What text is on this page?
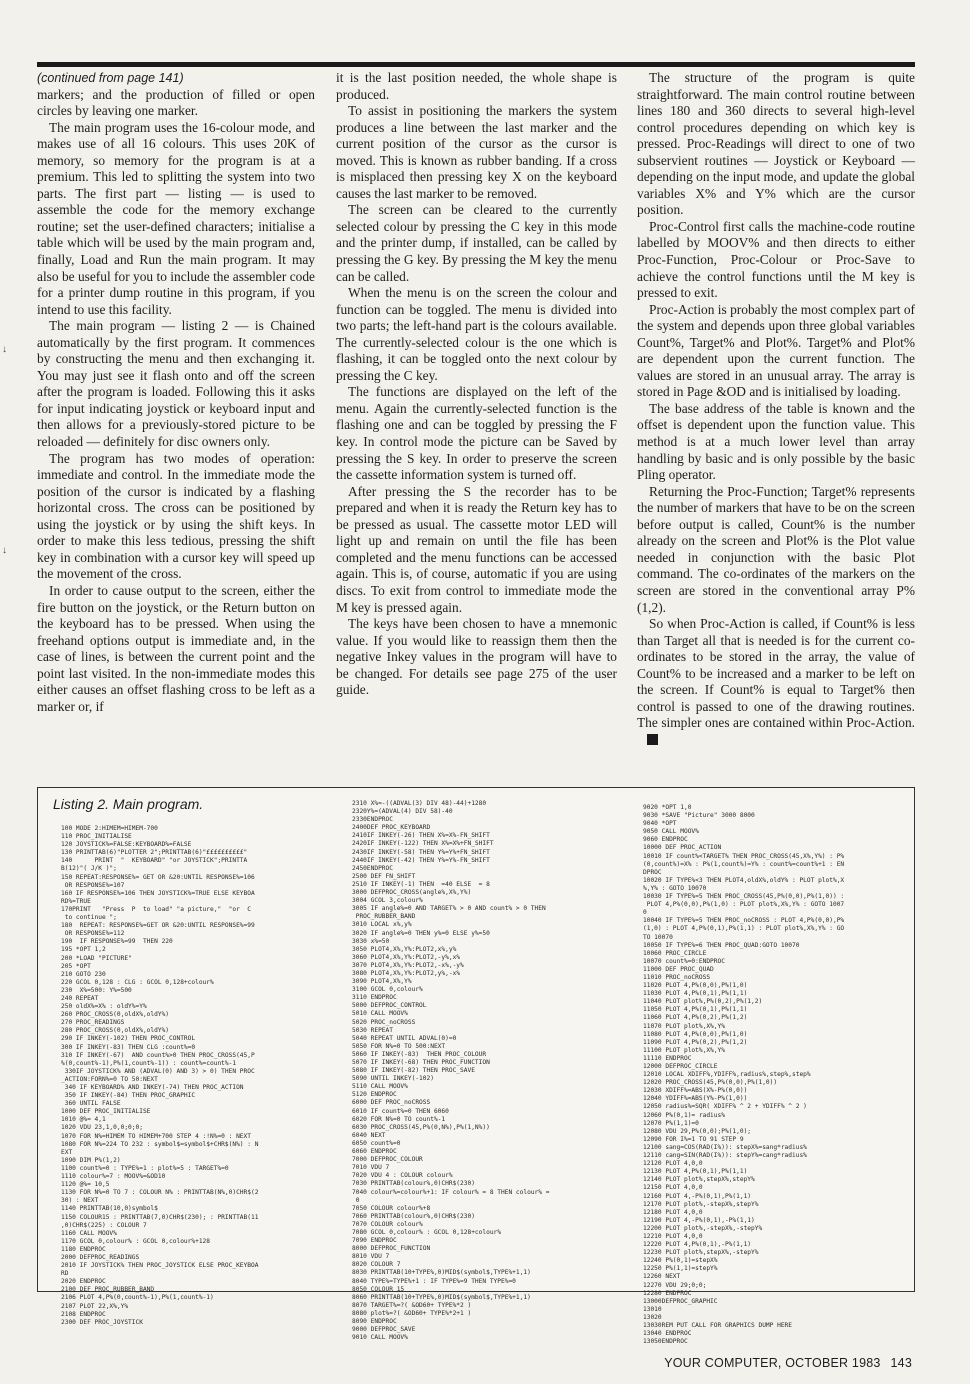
↓
↓

(continued from page 141)

markers; and the production of filled or open circles by leaving one marker.

The main program uses the 16-colour mode, and makes use of all 16 colours. This uses 20K of memory, so memory for the program is at a premium. This led to splitting the system into two parts. The first part — listing — is used to assemble the code for the memory exchange routine; set the user-defined characters; initialise a table which will be used by the main program and, finally, Load and Run the main program. It may also be useful for you to include the assembler code for a printer dump routine in this program, if you intend to use this facility.

The main program — listing 2 — is Chained automatically by the first program. It commences by constructing the menu and then exchanging it. You may just see it flash onto and off the screen after the program is loaded. Following this it asks for input indicating joystick or keyboard input and then allows for a previously-stored picture to be reloaded — definitely for disc owners only.

The program has two modes of operation: immediate and control. In the immediate mode the position of the cursor is indicated by a flashing horizontal cross. The cross can be positioned by using the joystick or by using the shift keys. In order to make this less tedious, pressing the shift key in combination with a cursor key will speed up the movement of the cross.

In order to cause output to the screen, either the fire button on the joystick, or the Return button on the keyboard has to be pressed. When using the freehand options output is immediate and, in the case of lines, is between the current point and the point last visited. In the non-immediate modes this either causes an offset flashing cross to be left as a marker or, if

it is the last position needed, the whole shape is produced.

To assist in positioning the markers the system produces a line between the last marker and the current position of the cursor as the cursor is moved. This is known as rubber banding. If a cross is misplaced then pressing key X on the keyboard causes the last marker to be removed.

The screen can be cleared to the currently selected colour by pressing the C key in this mode and the printer dump, if installed, can be called by pressing the G key. By pressing the M key the menu can be called.

When the menu is on the screen the colour and function can be toggled. The menu is divided into two parts; the left-hand part is the colours available. The currently-selected colour is the one which is flashing, it can be toggled onto the next colour by pressing the C key.

The functions are displayed on the left of the menu. Again the currently-selected function is the flashing one and can be toggled by pressing the F key. In control mode the picture can be Saved by pressing the S key. In order to preserve the screen the cassette information system is turned off.

After pressing the S the recorder has to be prepared and when it is ready the Return key has to be pressed as usual. The cassette motor LED will light up and remain on until the file has been completed and the menu functions can be accessed again. This is, of course, automatic if you are using discs. To exit from control to immediate mode the M key is pressed again.

The keys have been chosen to have a mnemonic value. If you would like to reassign them then the negative Inkey values in the program will have to be changed. For details see page 275 of the user guide.

The structure of the program is quite straightforward. The main control routine between lines 180 and 360 directs to several high-level control procedures depending on which key is pressed. Proc-Readings will direct to one of two subservient routines — Joystick or Keyboard — depending on the input mode, and update the global variables X% and Y% which are the cursor position.

Proc-Control first calls the machine-code routine labelled by MOOV% and then directs to either Proc-Function, Proc-Colour or Proc-Save to achieve the control functions until the M key is pressed to exit.

Proc-Action is probably the most complex part of the system and depends upon three global variables Count%, Target% and Plot%. Target% and Plot% are dependent upon the current function. The values are stored in an unusual array. The array is stored in Page &OD and is initialised by loading.

The base address of the table is known and the offset is dependent upon the function value. This method is at a much lower level than array handling by basic and is only possible by the basic Pling operator.

Returning the Proc-Function; Target% represents the number of markers that have to be on the screen before output is called, Count% is the number already on the screen and Plot% is the Plot value needed in conjunction with the basic Plot command. The co-ordinates of the markers on the screen are stored in the conventional array P% (1,2).

So when Proc-Action is called, if Count% is less than Target all that is needed is for the current co-ordinates to be stored in the array, the value of Count% to be increased and a marker to be left on the screen. If Count% is equal to Target% then control is passed to one of the drawing routines. The simpler ones are contained within Proc-Action.

Listing 2. Main program.
100 MODE 2:HIMEM=HIMEM-700
110 PROC_INITIALISE
120 JOYSTICK%=FALSE:KEYBOARD%=FALSE
130 PRINTTAB(6)"PLOTTER 2";PRINTTAB(6)"££££££££££"
140      PRINT  "  KEYBOARD" "or JOYSTICK";PRINTTA
B(12)"( J/K )";
150 REPEAT:RESPONSE%= GET OR &20:UNTIL RESPONSE%=106
OR RESPONSE%=107
160 IF RESPONSE%=106 THEN JOYSTICK%=TRUE ELSE KEYBOA
RD%=TRUE
170PRINT   "Press  P  to load" "a picture,"  "or  C
to continue ";
180  REPEAT: RESPONSE%=GET OR &20:UNTIL RESPONSE%=99
OR RESPONSE%=112
190  IF RESPONSE%=99  THEN 220
195 *OPT 1,2
200 *LOAD "PICTURE"
205 *OPT
210 GOTO 230
220 GCOL 0,128 : CLG : GCOL 0,128+colour%
230  X%=500: Y%=500
240 REPEAT
250 oldX%=X% : oldY%=Y%
260 PROC_CROSS(0,oldX%,oldY%)
270 PROC_READINGS
280 PROC_CROSS(0,oldX%,oldY%)
290 IF INKEY(-102) THEN PROC_CONTROL
300 IF INKEY(-83) THEN CLG :count%=0
310 IF INKEY(-67)  AND count%>0 THEN PROC_CROSS(45,P
%(0,count%-1),P%(1,count%-1)) : count%=count%-1
330IF JOYSTICK% AND (ADVAL(0) AND 3) > 0) THEN PROC
_ACTION:FORN%=0 TO 50:NEXT
340 IF KEYBOARD% AND INKEY(-74) THEN PROC_ACTION
350 IF INKEY(-84) THEN PROC_GRAPHIC
360 UNTIL FALSE
1000 DEF PROC_INITIALISE
1010 @%= 4,1
1020 VDU 23,1,0,0;0;0;
1070 FOR N%=HIMEM TO HIMEM+700 STEP 4 :!N%=0 : NEXT
1080 FOR N%=224 TO 232 : symbol$=symbol$+CHR$(N%) : N
EXT
1090 DIM P%(1,2)
1100 count%=0 : TYPE%=1 : plot%=5 : TARGET%=0
1110 colour%=7 : MOOV%=&OD10
1120 @%= 10,5
1130 FOR N%=0 TO 7 : COLOUR N% : PRINTTAB(N%,0)CHR$(2
30) : NEXT
1140 PRINTTAB(10,0)symbol$
1150 COLOUR15 : PRINTTAB(7,0)CHR$(230); : PRINTTAB(11
,0)CHR$(225) : COLOUR 7
1160 CALL MOOV%
1170 GCOL 0,colour% : GCOL 0,colour%+128
1180 ENDPROC
2000 DEFPROC_READINGS
2010 IF JOYSTICK% THEN PROC_JOYSTICK ELSE PROC_KEYBOA
RD
2020 ENDPROC
2100 DEF PROC_RUBBER_BAND
2106 PLOT 4,P%(0,count%-1),P%(1,count%-1)
2107 PLOT 22,X%,Y%
2108 ENDPROC
2300 DEF PROC_JOYSTICK
2310 X%=-((ADVAL(3) DIV 48)-44)+1280
2320Y%=(ADVAL(4) DIV 58)-40
2330ENDPROC
2400DEF PROC_KEYBOARD
2410IF INKEY(-26) THEN X%=X%-FN_SHIFT
2420IF INKEY(-122) THEN X%=X%+FN_SHIFT
2430IF INKEY(-58) THEN Y%=Y%+FN_SHIFT
2440IF INKEY(-42) THEN Y%=Y%-FN_SHIFT
2450ENDPROC
2500 DEF FN_SHIFT
2510 IF INKEY(-1) THEN  =40 ELSE  = 8
3000 DEFPROC_CROSS(angle%,X%,Y%)
3004 GCOL 3,colour%
3005 IF angle%=0 AND TARGET% > 0 AND count% > 0 THEN
PROC_RUBBER_BAND
3010 LOCAL x%,y%
3020 IF angle%=0 THEN y%=0 ELSE y%=50
3030 x%=50
3050 PLOT4,X%,Y%:PLOT2,x%,y%
3060 PLOT4,X%,Y%:PLOT2,-y%,x%
3070 PLOT4,X%,Y%:PLOT2,-x%,-y%
3080 PLOT4,X%,Y%:PLOT2,y%,-x%
3090 PLOT4,X%,Y%
3100 GCOL 0,colour%
3110 ENDPROC
5000 DEFPROC_CONTROL
5010 CALL MOOV%
5020 PROC_noCROSS
5030 REPEAT
5040 REPEAT UNTIL ADVAL(0)=0
5050 FOR N%=0 TO 500:NEXT
5060 IF INKEY(-83)  THEN PROC_COLOUR
5070 IF INKEY(-68) THEN PROC_FUNCTION
5080 IF INKEY(-82) THEN PROC_SAVE
5090 UNTIL INKEY(-102)
5110 CALL MOOV%
5120 ENDPROC
6000 DEF PROC_noCROSS
6010 IF count%=0 THEN 6060
6020 FOR N%=0 TO count%-1
6030 PROC_CROSS(45,P%(0,N%),P%(1,N%))
6040 NEXT
6050 count%=0
6060 ENDPROC
7000 DEFPROC_COLOUR
7010 VDU 7
7020 VDU 4 : COLOUR colour%
7030 PRINTTAB(colour%,0)CHR$(230)
7040 colour%=colour%+1: IF colour% = 8 THEN colour% =
0
7050 COLOUR colour%+8
7060 PRINTTAB(colour%,0)CHR$(230)
7070 COLOUR colour%
7080 GCOL 0,colour% : GCOL 0,128+colour%
7090 ENDPROC
8000 DEFPROC_FUNCTION
8010 VDU 7
8020 COLOUR 7
8030 PRINTTAB(10+TYPE%,0)MID$(symbol$,TYPE%+1,1)
8040 TYPE%=TYPE%+1 : IF TYPE%=9 THEN TYPE%=0
8050 COLOUR 15
8060 PRINTTAB(10+TYPE%,0)MID$(symbol$,TYPE%+1,1)
8070 TARGET%=?( &OD60+ TYPE%*2 )
8080 plot%=?( &OD60+ TYPE%*2+1 )
8090 ENDPROC
9000 DEFPROC_SAVE
9010 CALL MOOV%
9020 *OPT 1,0
9030 *SAVE "Picture" 3000 8000
9040 *OPT
9050 CALL MOOV%
9060 ENDPROC
10000 DEF PROC_ACTION
10010 IF count%<TARGET% THEN PROC_CROSS(45,X%,Y%) : P%
(0,count%)=X% : P%(1,count%)=Y% : count%=count%+1 : EN
DPROC
10020 IF TYPE%<3 THEN PLOT4,oldX%,oldY% : PLOT plot%,X
%,Y% : GOTO 10070
10030 IF TYPE%=5 THEN PROC_CROSS(45,P%(0,0),P%(1,0)) :
PLOT 4,P%(0,0),P%(1,0) : PLOT plot%,X%,Y% : GOTO 1007
0
10040 IF TYPE%=5 THEN PROC_noCROSS : PLOT 4,P%(0,0),P%
(1,0) : PLOT 4,P%(0,1),P%(1,1) : PLOT plot%,X%,Y% : GO
TO 10070
10050 IF TYPE%=6 THEN PROC_QUAD:GOTO 10070
10060 PROC_CIRCLE
10070 count%=0:ENDPROC
11000 DEF PROC_QUAD
11010 PROC_noCROSS
11020 PLOT 4,P%(0,0),P%(1,0)
11030 PLOT 4,P%(0,1),P%(1,1)
11040 PLOT plot%,P%(0,2),P%(1,2)
11050 PLOT 4,P%(0,1),P%(1,1)
11060 PLOT 4,P%(0,2),P%(1,2)
11070 PLOT plot%,X%,Y%
11080 PLOT 4,P%(0,0),P%(1,0)
11090 PLOT 4,P%(0,2),P%(1,2)
11100 PLOT plot%,X%,Y%
11110 ENDPROC
12000 DEFPROC_CIRCLE
12010 LOCAL XDIFF%,YDIFF%,radius%,step%,step%
12020 PROC_CROSS(45,P%(0,0),P%(1,0))
12030 XDIFF%=ABS(X%-P%(0,0))
12040 YDIFF%=ABS(Y%-P%(1,0))
12050 radius%=SQR( XDIFF% ^ 2 + YDIFF% ^ 2 )
12060 P%(0,1)= radius%
12070 P%(1,1)=0
12080 VDU 29,P%(0,0);P%(1,0);
12090 FOR I%=1 TO 91 STEP 9
12100 sang=COS(RAD(I%)): stepX%=sang*radius%
12110 cang=SIN(RAD(I%)): stepY%=cang*radius%
12120 PLOT 4,0,0
12130 PLOT 4,P%(0,1),P%(1,1)
12140 PLOT plot%,stepX%,stepY%
12150 PLOT 4,0,0
12160 PLOT 4,-P%(0,1),P%(1,1)
12170 PLOT plot%,-stepX%,stepY%
12180 PLOT 4,0,0
12190 PLOT 4,-P%(0,1),-P%(1,1)
12200 PLOT plot%,-stepX%,-stepY%
12210 PLOT 4,0,0
12220 PLOT 4,P%(0,1),-P%(1,1)
12230 PLOT plot%,stepX%,-stepY%
12240 P%(0,1)=stepX%
12250 P%(1,1)=stepY%
12260 NEXT
12270 VDU 29;0;0;
12280 ENDPROC
13000DEFPROC_GRAPHIC
13010
13020
13030REM PUT CALL FOR GRAPHICS DUMP HERE
13040 ENDPROC
13050ENDPROC
YOUR COMPUTER, OCTOBER 1983 143
